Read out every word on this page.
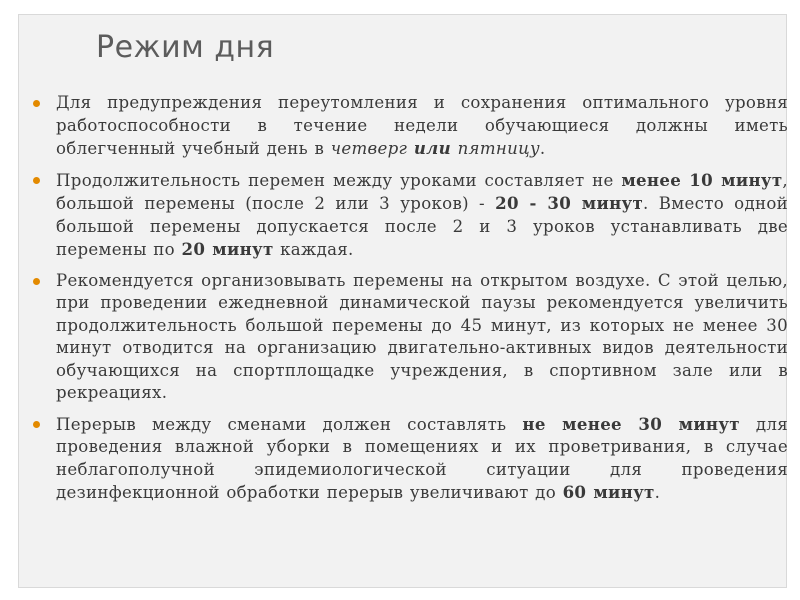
Режим дня
Для предупреждения переутомления и сохранения оптимального уровня работоспособности в течение недели обучающиеся должны иметь облегченный учебный день в четверг или пятницу.
Продолжительность перемен между уроками составляет не менее 10 минут, большой перемены (после 2 или 3 уроков) - 20 - 30 минут. Вместо одной большой перемены допускается после 2 и 3 уроков устанавливать две перемены по 20 минут каждая.
Рекомендуется организовывать перемены на открытом воздухе. С этой целью, при проведении ежедневной динамической паузы рекомендуется увеличить продолжительность большой перемены до 45 минут, из которых не менее 30 минут отводится на организацию двигательно-активных видов деятельности обучающихся на спортплощадке учреждения, в спортивном зале или в рекреациях.
Перерыв между сменами должен составлять не менее 30 минут для проведения влажной уборки в помещениях и их проветривания, в случае неблагополучной эпидемиологической ситуации для проведения дезинфекционной обработки перерыв увеличивают до 60 минут.
